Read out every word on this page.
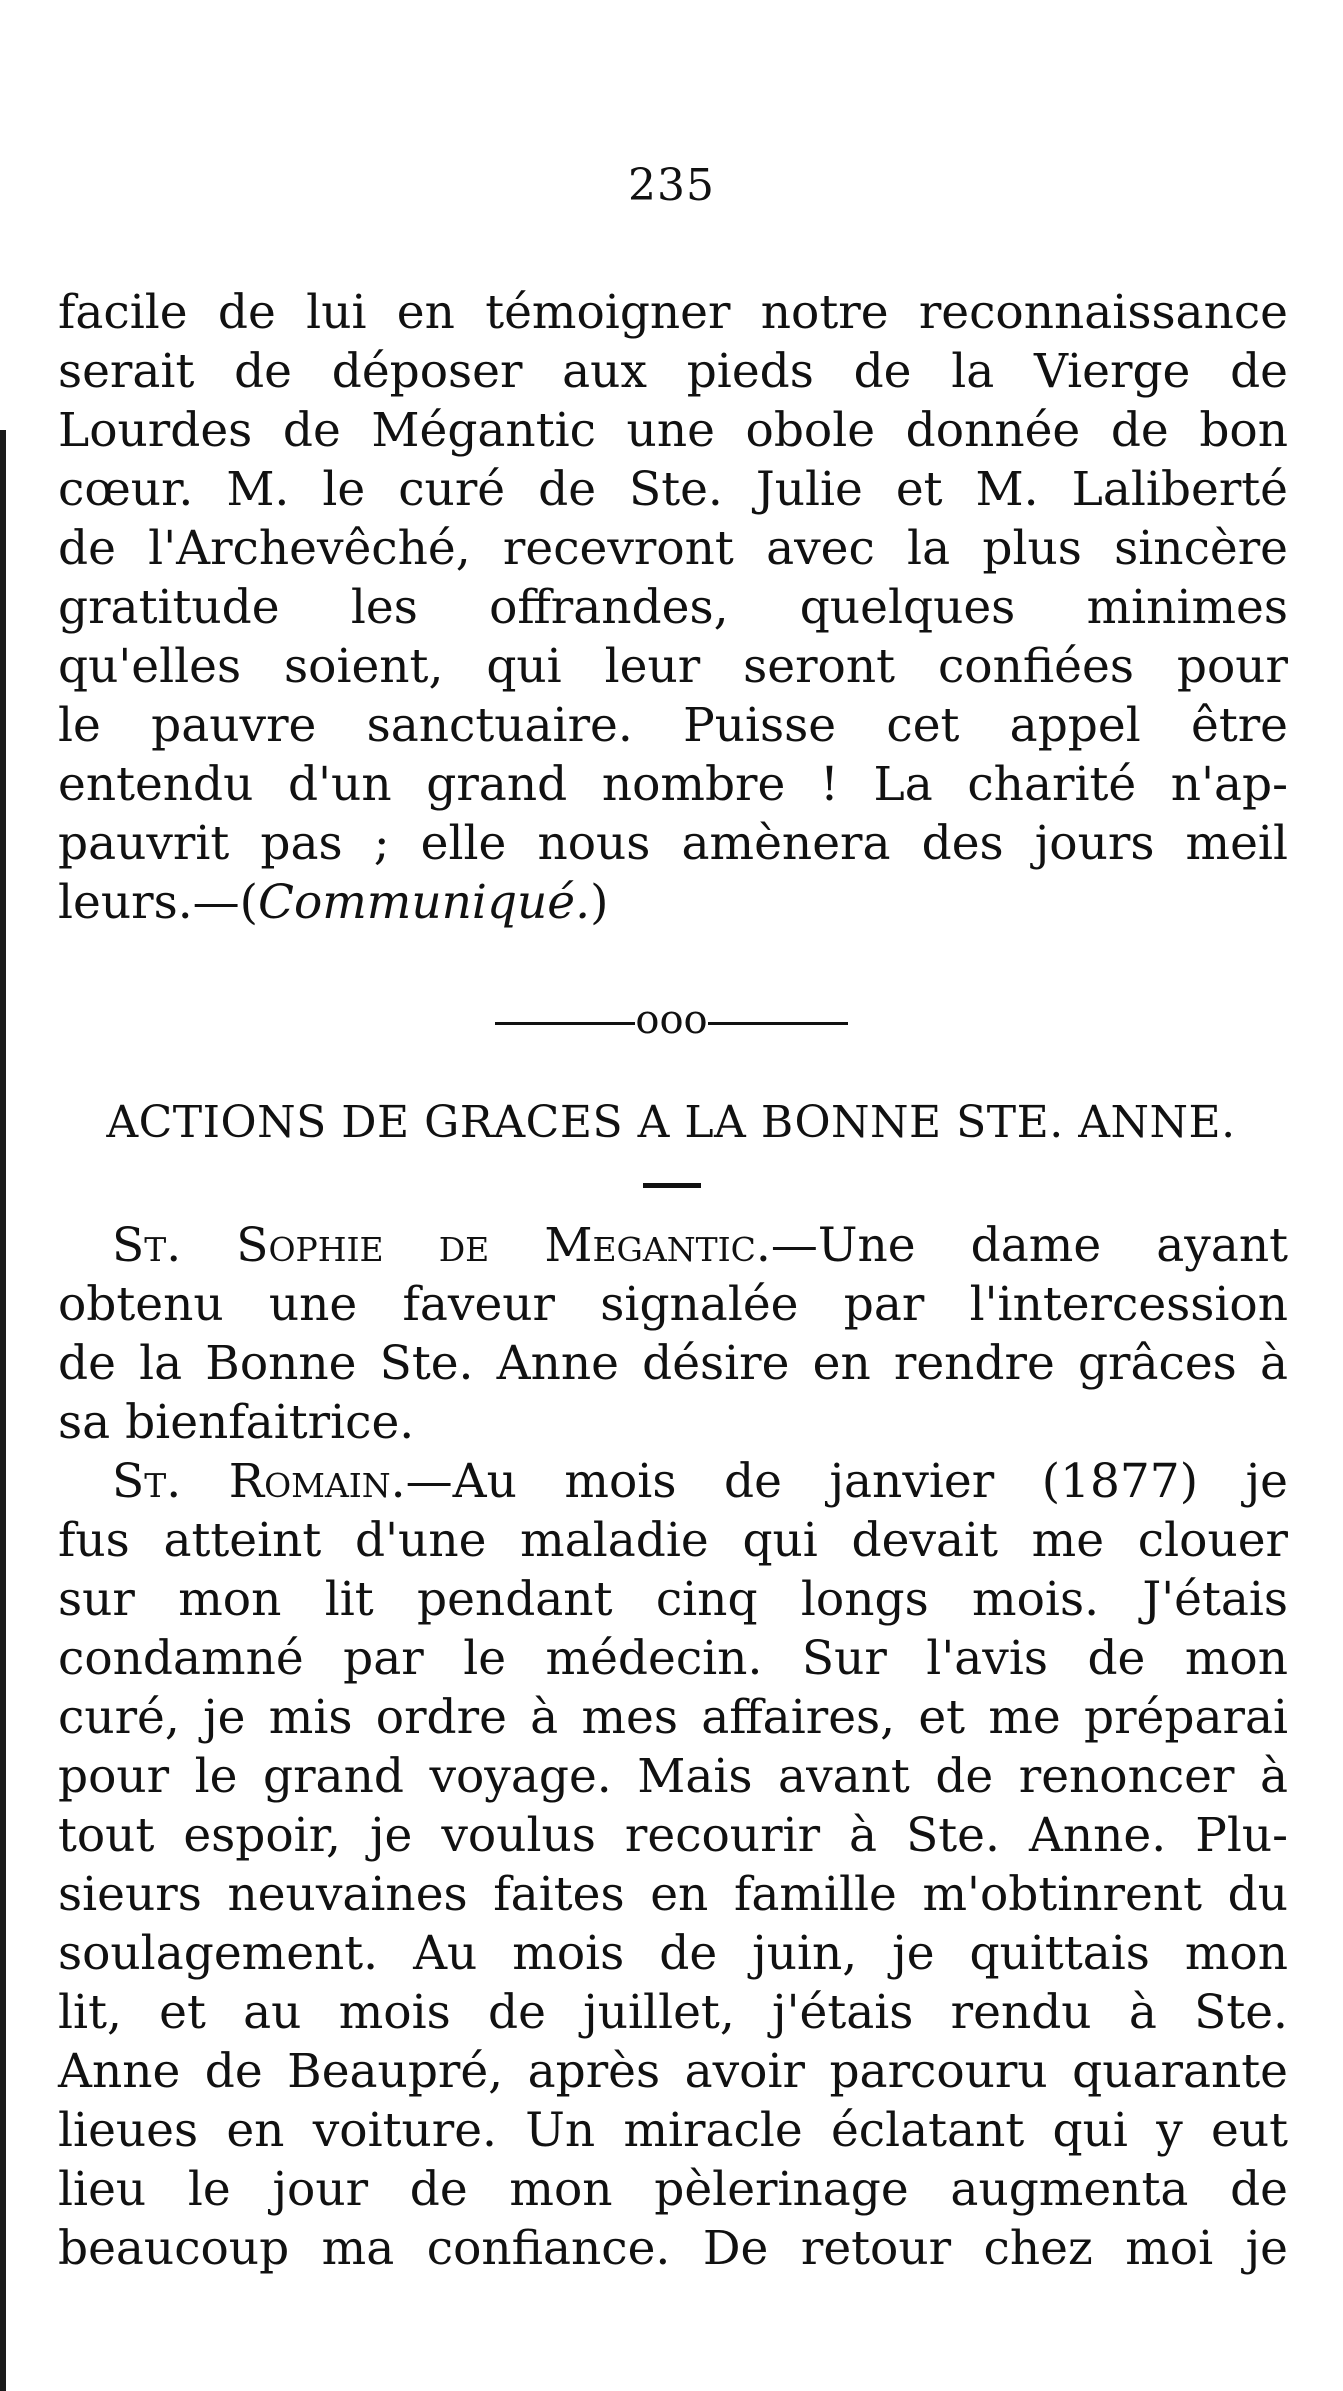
235
facile de lui en témoigner notre reconnaissance
serait de déposer aux pieds de la Vierge de
Lourdes de Mégantic une obole donnée de bon
cœur. M. le curé de Ste. Julie et M. Laliberté
de l'Archevêché, recevront avec la plus sincère
gratitude les offrandes, quelques minimes
qu'elles soient, qui leur seront confiées pour
le pauvre sanctuaire. Puisse cet appel être
entendu d'un grand nombre ! La charité n'ap-
pauvrit pas ; elle nous amènera des jours meil
leurs.—(Communiqué.)
ooo
ACTIONS DE GRACES A LA BONNE STE. ANNE.
St. Sophie de Megantic.—Une dame ayant
obtenu une faveur signalée par l'intercession
de la Bonne Ste. Anne désire en rendre grâces à
sa bienfaitrice.
St. Romain.—Au mois de janvier (1877) je
fus atteint d'une maladie qui devait me clouer
sur mon lit pendant cinq longs mois. J'étais
condamné par le médecin. Sur l'avis de mon
curé, je mis ordre à mes affaires, et me préparai
pour le grand voyage. Mais avant de renoncer à
tout espoir, je voulus recourir à Ste. Anne. Plu-
sieurs neuvaines faites en famille m'obtinrent du
soulagement. Au mois de juin, je quittais mon
lit, et au mois de juillet, j'étais rendu à Ste.
Anne de Beaupré, après avoir parcouru quarante
lieues en voiture. Un miracle éclatant qui y eut
lieu le jour de mon pèlerinage augmenta de
beaucoup ma confiance. De retour chez moi je
